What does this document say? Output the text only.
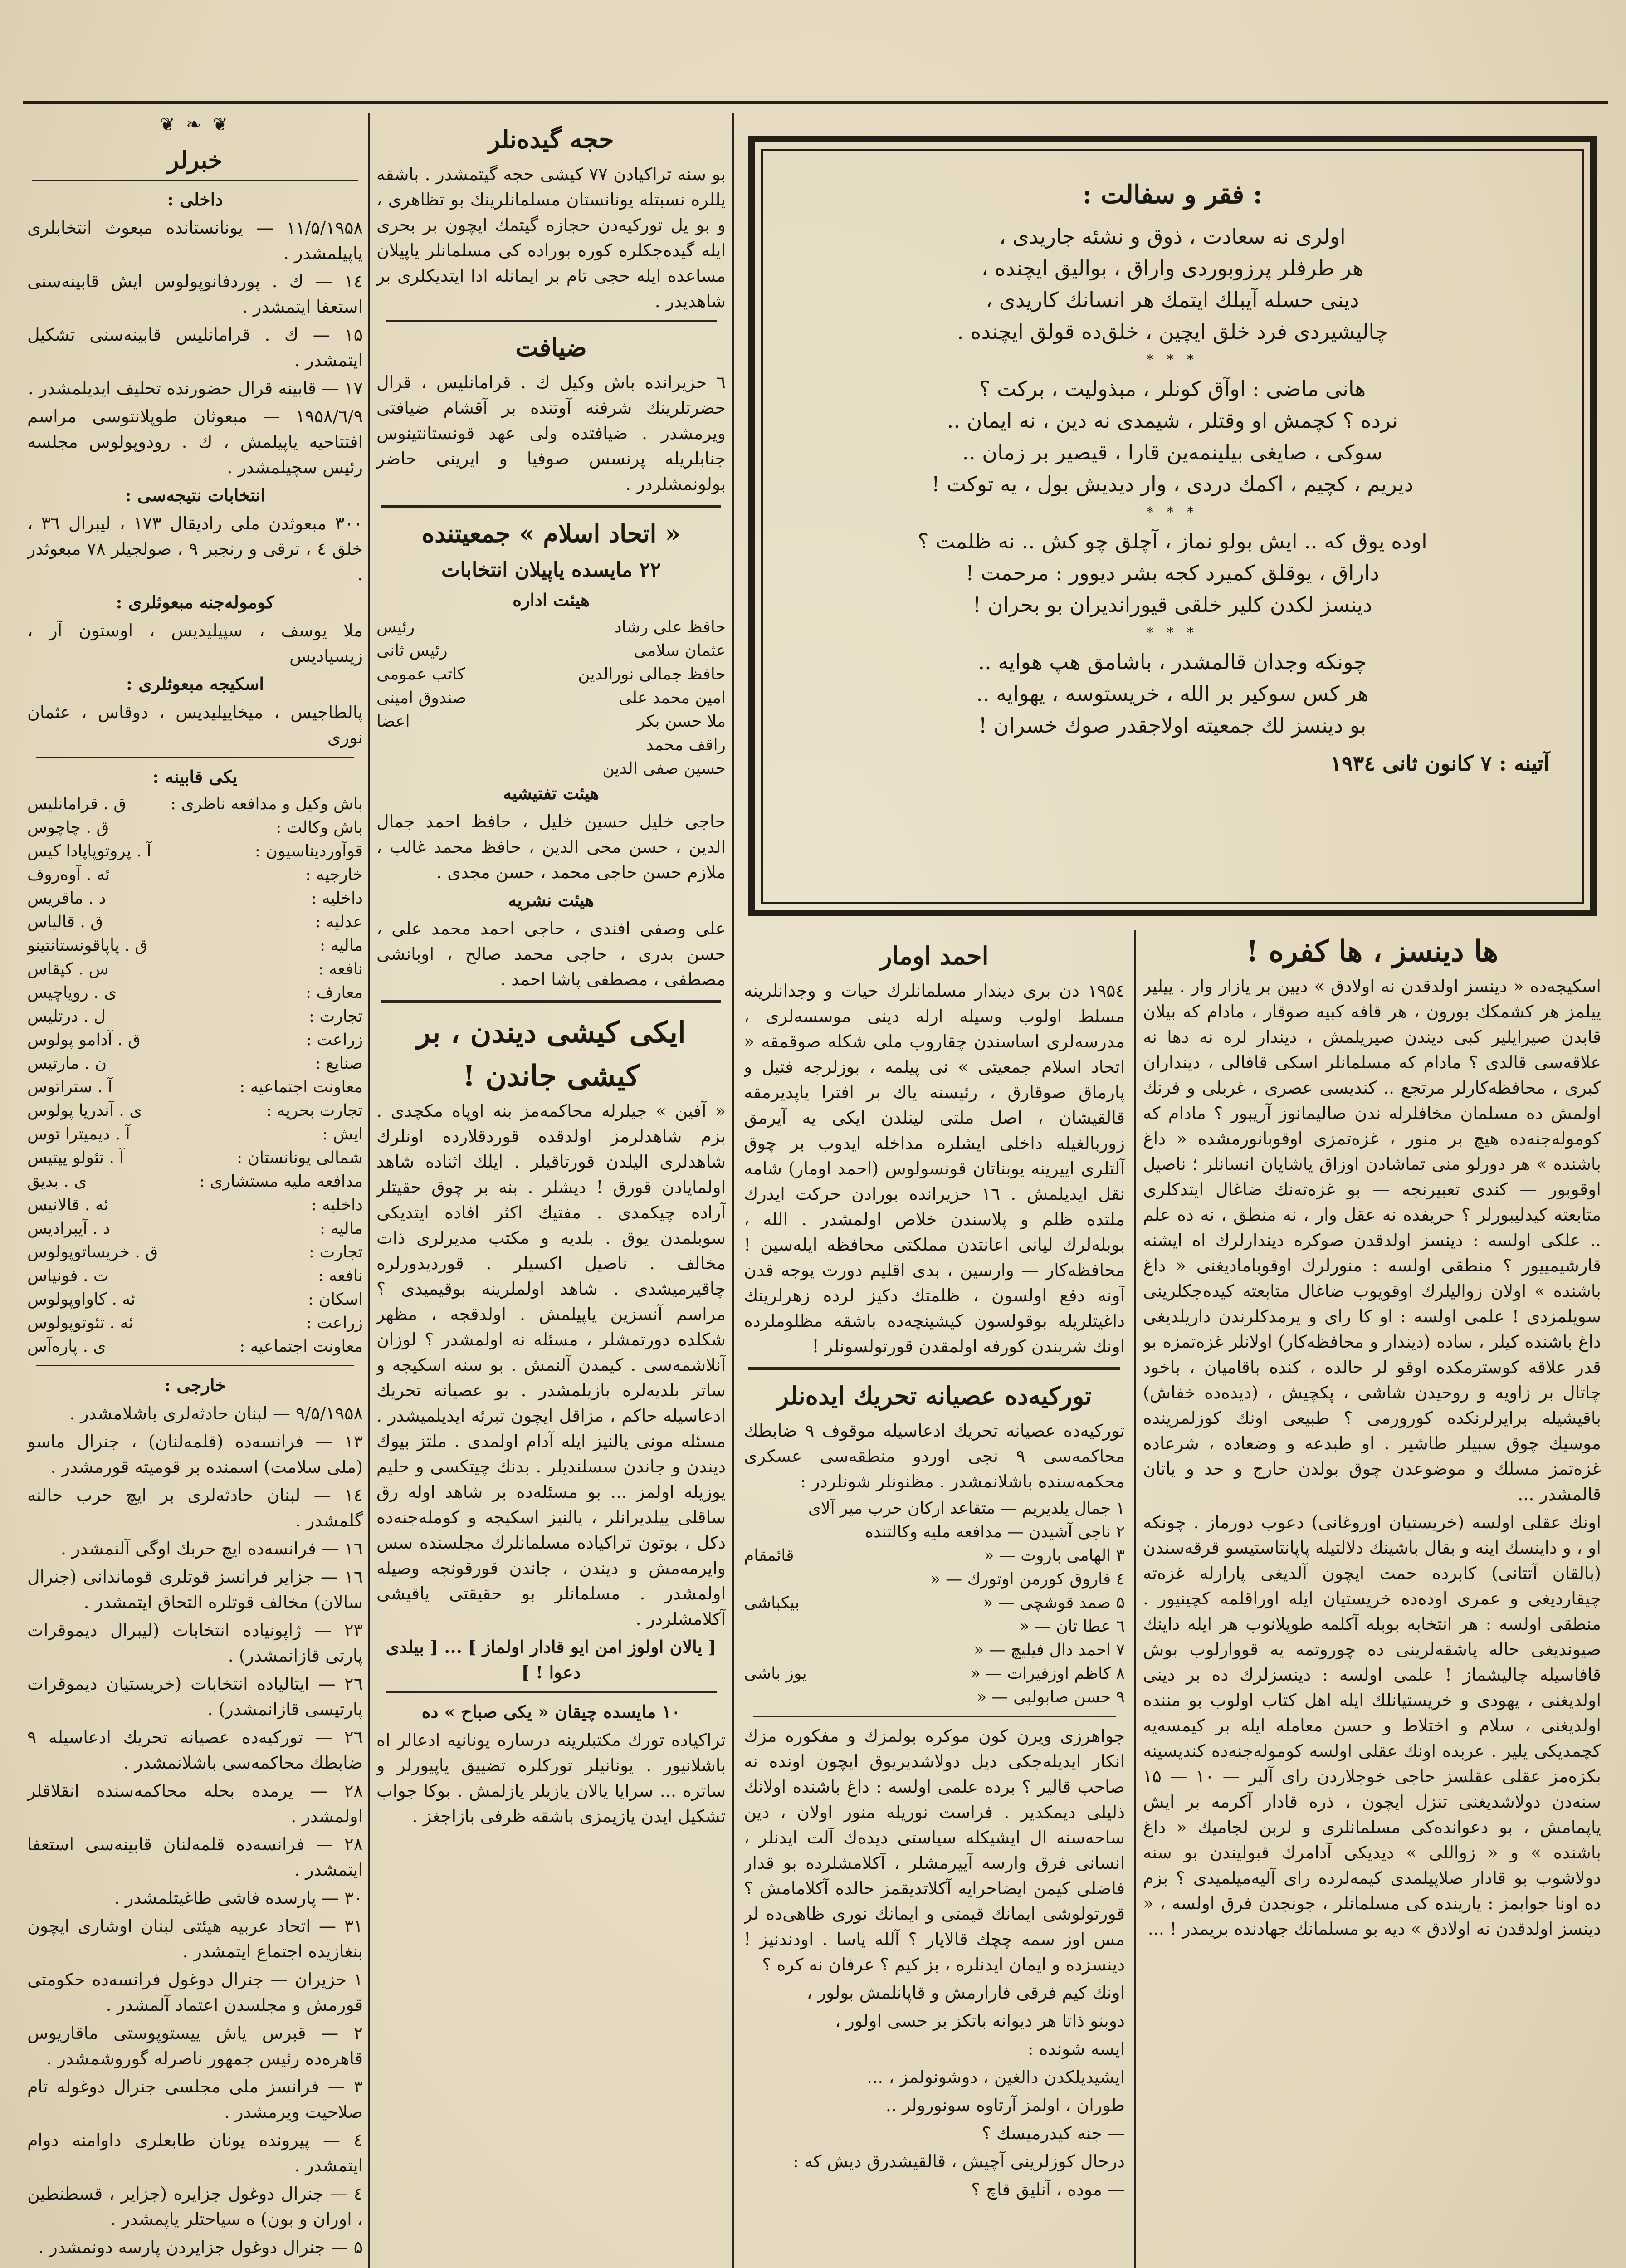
❦ ❧ ❦
خبرلر

داخلی :

۱۱/۵/۱۹۵۸ — یونانستانده مبعوث انتخابلری یاپیلمشدر .

۱٤ — ك . پوردفانوپولوس ایش قابینه‌سنی استعفا ایتمشدر .

۱۵ — ك . قرامانلیس قابینه‌سنی تشکیل ایتمشدر .

۱۷ — قابینه قرال حضورنده تحلیف ایدیلمشدر .

۹/٦/۱۹۵۸ — مبعوثان طوپلانتوسی مراسم افتتاحیه یاپیلمش ، ك . رودوپولوس مجلسه رئیس سچیلمشدر .

انتخابات نتیجه‌سی :

۳۰۰ مبعوثدن ملی رادیقال ۱۷۳ ، لیبرال ۳٦ ، خلق ٤ ، ترقی و رنجبر ۹ ، صولجیلر ۷۸ مبعوثدر .

کوموله‌جنه مبعوثلری :

ملا یوسف ، سپیلیدیس ، اوستون آر ، زیسیادیس

اسکیجه مبعوثلری :

پالطاجیس ، میخاییلیدیس ، دوقاس ، عثمان نوری

یکی قابینه :

باش وکیل و مدافعه ناظری :
ق . قرامانلیس
باش وکالت :
ق . چاچوس
قوآوردیناسیون :
آ . پروتوپاپادا کیس
خارجیه :
ئه . آوه‌روف
داخلیه :
د . ماقریس
عدلیه :
ق . قالیاس
مالیه :
ق . پاپاقونستانتینو
نافعه :
س . کپقاس
معارف :
ی . رویاچیس
تجارت :
ل . درتلیس
زراعت :
ق . آدامو پولوس
صنایع :
ن . مارتیس
معاونت اجتماعیه :
آ . ستراتوس
تجارت بحریه :
ی . آندریا پولوس
ایش :
آ . دیمیترا توس
شمالی یونانستان :
آ . تئولو ییتیس
مدافعه ملیه مستشاری :
ی . بدیق
داخلیه :
ئه . قالانیس
مالیه :
د . آیبرادیس
تجارت :
ق . خریساتوپولوس
نافعه :
ت . فونیاس
اسکان :
ئه . کاواوپولوس
زراعت :
ئه . تئوتوپولوس
معاونت اجتماعیه :
ی . پاره‌آس

خارجی :

۹/۵/۱۹۵۸ — لبنان حادثه‌لری باشلامشدر .

۱۳ — فرانسه‌ده (قلمه‌لنان) ، جنرال ماسو (ملی سلامت) اسمنده بر قومیته قورمشدر .

۱٤ — لبنان حادثه‌لری بر ایچ حرب حالنه گلمشدر .

۱٦ — فرانسه‌ده ایچ حربك اوگی آلنمشدر .

۱٦ — جزایر فرانسز قوتلری قوماندانی (جنرال سالان) مخالف قوتلره التحاق ایتمشدر .

۲۳ — ژاپونیاده انتخابات (لیبرال دیموقرات پارتی قازانمشدر) .

۲٦ — ایتالیاده انتخابات (خریستیان دیموقرات پارتیسی قازانمشدر) .

۲٦ — تورکیه‌ده عصیانه تحریك ادعاسیله ۹ ضابطك محاکمه‌سی باشلانمشدر .

۲۸ — یرمده بحله محاکمه‌سنده انقلاقلر اولمشدر .

۲۸ — فرانسه‌ده قلمه‌لنان قابینه‌سی استعفا ایتمشدر .

۳۰ — پارسده فاشی طاغیتلمشدر .

۳۱ — اتحاد عربیه هیئتی لبنان اوشاری ایچون بنغازیده اجتماع ایتمشدر .

۱ حزیران — جنرال دوغول فرانسه‌ده حکومتی قورمش و مجلسدن اعتماد آلمشدر .

۲ — قبرس یاش ییستوپوستی ماقاریوس قاهره‌ده رئیس جمهور ناصرله گوروشمشدر .

۳ — فرانسز ملی مجلسی جنرال دوغوله تام صلاحیت ویرمشدر .

٤ — پیرونده یونان طابعلری داوامنه دوام ایتمشدر .

٤ — جنرال دوغول جزایره (جزایر ، قسطنطین ، اوران و بون) ه سیاحتلر یاپمشدر .

۵ — جنرال دوغول جزایردن پارسه دونمشدر .

حجه گیده‌نلر

بو سنه تراکیادن ۷۷ کیشی حجه گیتمشدر . باشقه یللره نسبتله یونانستان مسلمانلرینك بو تظاهری ، و بو یل تورکیه‌دن حجازه گیتمك ایچون بر بحری ایله گیده‌جکلره کوره بوراده کی مسلمانلر یاپیلان مساعده ایله حجی تام بر ایمانله ادا ایتدیکلری بر شاهدیدر .

ضیافت

٦ حزیرانده باش وکیل ك . قرامانلیس ، قرال حضرتلرینك شرفنه آوتنده بر آقشام ضیافتی ویرمشدر . ضیافتده ولی عهد قونستانتینوس جنابلریله پرنسس صوفیا و ایرینی حاضر بولونمشلردر .

« اتحاد اسلام » جمعیتنده
۲۲ مایسده یاپیلان انتخابات

هیئت اداره

حافظ علی رشاد
رئیس
عثمان سلامی
رئیس ثانی
حافظ جمالی نورالدین
کاتب عمومی
امین محمد علی
صندوق امینی
ملا حسن بکر
اعضا
راقف محمد
حسین صفی الدین

هیئت تفتیشیه

حاجی خلیل حسین خلیل ، حافظ احمد جمال الدین ، حسن محی الدین ، حافظ محمد غالب ، ملازم حسن حاجی محمد ، حسن مجدی .

هیئت نشریه

علی وصفی افندی ، حاجی احمد محمد علی ، حسن بدری ، حاجی محمد صالح ، اوبانشی مصطفی ، مصطفی پاشا احمد .

ایکی کیشی دیندن ، بر کیشی جاندن !

« آفین » جیلرله محاکمه‌مز بنه اوپاه مکچدی . بزم شاهدلرمز اولدقده قوردقلارده اونلرك شاهدلری الیلدن قورتاقیلر . ایلك اثناده شاهد اولمایادن قورق ! دیشلر . بنه بر چوق حقیتلر آراده چیکمدی . مفتیك اکثر افاده ایتدیکی سوبلمدن یوق . بلدیه و مکتب مدیرلری ذات مخالف . ناصیل اکسیلر . قوردیدورلره چاقیرمیشدی . شاهد اولملرینه بوقیمیدی ؟ مراسم آنسزین یاپیلمش . اولدقجه ، مظهر شکلده دورتمشلر ، مسئله نه اولمشدر ؟ لوزان آنلاشمه‌سی . کیمدن آلنمش . بو سنه اسکیجه و ساتر بلدیه‌لره بازیلمشدر . بو عصیانه تحریك ادعاسیله حاکم ، مزاقل ایچون تبرئه ایدیلمیشدر . مسئله مونی یالنیز ایله آدام اولمدی . ملتز بیوك دیندن و جاندن سسلندیلر . بدنك چیتکسی و حلیم یوزیله اولمز ... بو مسئله‌ده بر شاهد اوله رق ساقلی ییلدیرانلر ، یالنیز اسکیجه و کومله‌جنه‌ده دکل ، بوتون تراکیاده مسلمانلرك مجلسنده سس وایرمه‌مش و دیندن ، جاندن قورقونجه وصیله اولمشدر . مسلمانلر بو حقیقتی یاقیشی آکلامشلردر .

[ یالان اولوز امن ایو قادار اولماز ] ... [ بیلدی دعوا ! ]

۱۰ مایسده چیقان « یکی صباح » ده

تراکیاده تورك مکتبلرینه درساره یونانیه ادعالر اه باشلانیور . یونانیلر تورکلره تضییق یاپیورلر و ساتره ... سرایا یالان یازیلر یازلمش . بوکا جواب تشکیل ایدن یازیمزی باشقه ظرفی بازاجغز .

: فقر و سفالت :
اولری نه سعادت ، ذوق و نشئه جاریدی ،
هر طرفلر پرزوبوردی واراق ، بوالیق ایچنده ،
دینی حسله آیبلك ایتمك هر انسانك کاریدی ،
چالیشیردی فرد خلق ایچین ، خلق‌ده قولق ایچنده .
* * *
هانی ماضی : اوآق کونلر ، مبذولیت ، برکت ؟
نرده ؟ کچمش او وقتلر ، شیمدی نه دین ، نه ایمان ..
سوکی ، صایغی بیلینمه‌ین قارا ، قیصیر بر زمان ..
دیریم ، کچیم ، اکمك دردی ، وار دیدیش بول ، یه توکت !
* * *
اوده یوق که .. ایش بولو نماز ، آچلق چو کش .. نه ظلمت ؟
داراق ، یوقلق کمیرد کجه بشر دیوور : مرحمت !
دینسز لکدن کلیر خلقی قیوراندیران بو بحران !
* * *
چونکه وجدان قالمشدر ، باشامق هپ هوایه ..
هر کس سوکیر بر الله ، خریستوسه ، یهوایه ..
بو دینسز لك جمعیته اولاجقدر صوك خسران !
آتینه : ۷ کانون ثانی ۱۹۳٤
احمد اومار

۱۹۵٤ دن بری دیندار مسلمانلرك حیات و وجدانلرینه مسلط اولوب وسیله ارله دینی موسسه‌لری ، مدرسه‌لری اساسندن چقاروب ملی شکله صوقمقه « اتحاد اسلام جمعیتی » نی پیلمه ، بوزلرجه فتیل و پارماق صوقارق ، رئیسنه یاك بر افترا یاپدیرمقه قالقیشان ، اصل ملتی لینلدن ایکی یه آیرمق زوربالغیله داخلی ایشلره مداخله ایدوب بر چوق آلتلری اییرینه یوبناتان قونسولوس (احمد اومار) شامه نقل ایدیلمش . ۱٦ حزیرانده بورادن حرکت ایدرك ملتده ظلم و پلاسندن خلاص اولمشدر . الله ، بوبله‌لرك لیانی اعانتدن مملکتی محافظه ایله‌سین ! محافظه‌کار — وارسین ، بدی اقلیم دورت یوجه قدن آونه دفع اولسون ، ظلمتك دکیز لرده زهرلرینك داغیتلریله بوقولسون کیشینچه‌ده باشقه مظلوملرده اونك شریندن کورفه اولمقدن قورتولسونلر !

تورکیه‌ده عصیانه تحریك ایده‌نلر

تورکیه‌ده عصیانه تحریك ادعاسیله موقوف ۹ ضابطك محاکمه‌سی ۹ نجی اوردو منطقه‌سی عسکری محکمه‌سنده باشلانمشدر . مظنونلر شونلردر :

۱ جمال یلدیریم — متقاعد ارکان حرب میر آلای
۲ ناجی آشیدن — مدافعه ملیه وکالتنده
۳ الهامی باروت — «
قائمقام
٤ فاروق کورمن اوتورك — «
۵ صمد قوشچی — «
بیکباشی
٦ عطا تان — «
۷ احمد دال فیلیچ — «
۸ کاظم اوزفیرات — «
یوز باشی
۹ حسن صابولبی — «

جواهرزی ویرن کون موکره بولمزك و مفکوره مزك انکار ایدیله‌جکی دیل دولاشدیریوق ایچون اونده نه صاحب قالیر ؟ برده علمی اولسه : داغ باشنده اولانك ذلیلی دیمکدیر . فراست نوریله منور اولان ، دین ساحه‌سنه ال ایشیکله سیاستی دیده‌ك آلت ایدنلر ، انسانی فرق وارسه آییرمشلر ، آکلامشلرده بو قدار فاضلی کیمن ایضاحرایه آکلاتدیقمز حالده آکلامامش ؟ قورتولوشی ایمانك قیمتی و ایمانك نوری ظاهی‌ده لر مس اوز سمه چچك قالایار ؟ آلله یاسا . اودندنیز ! دینسزده و ایمان ایدنلره ، بز کیم ؟ عرفان نه کره ؟

اونك کیم فرقی فارارمش و قاپانلمش بولور ،

دوبنو ذاتا هر دیوانه باتکز بر حسی اولور ،

ایسه شونده :

ایشیدیلکدن دالغین ، دوشونولمز ، ...

طوران ، اولمز آرتاوه سونورولر ..

— جنه کیدرمیسك ؟

درحال کوزلرینی آچیش ، قالقیشدرق دیش که :

— موده ، آنلیق قاچ ؟

ها دینسز ، ها کفره !

اسکیجه‌ده « دینسز اولدقدن نه اولادق » دیین بر یازار وار . ییلیر ییلمز هر کشمکك بورون ، هر قافه کبیه صوقار ، مادام که بیلان قابدن صیرایلیر کبی دیندن صیریلمش ، دیندار لره نه دها نه علاقه‌سی قالدی ؟ مادام که مسلمانلر اسکی قافالی ، دینداران کبری ، محافظه‌کارلر مرتجع .. کندیسی عصری ، غربلی و فرنك اولمش ده مسلمان مخافلرله ندن صالیمانوز آریبور ؟ مادام که کوموله‌جنه‌ده هیچ بر منور ، غزه‌تمزی اوقوبانورمشده « داغ باشنده » هر دورلو منی تماشادن اوزاق یاشایان انسانلر ؛ ناصیل اوقوبور — کندی تعبیرنجه — بو غزه‌ته‌نك ضاغال ایتدکلری متابعته کیدلیبورلر ؟ حریفده نه عقل وار ، نه منطق ، نه ده علم .. علکی اولسه : دینسز اولدقدن صوکره دیندارلرك اه ایشنه قارشیمییور ؟ منطقی اولسه : منورلرك اوقوبامادیغنی « داغ باشنده » اولان زوالیلرك اوقویوب ضاغال متابعته کیده‌جکلرینی سویلمزدی ! علمی اولسه : او کا رای و یرمدکلرندن داریلدیغی داغ باشنده کیلر ، ساده (دیندار و محافظه‌کار) اولانلر غزه‌تمزه بو قدر علاقه کوسترمکده اوقو لر حالده ، کنده باقامیان ، باخود چاتال بر زاویه و روحیدن شاشی ، پکچیش ، (دیده‌ده خفاش) باقیشیله برایرلرنکده کورورمی ؟ طبیعی اونك کوزلمرینده موسیك چوق سبیلر طاشیر . او طبدعه و وضعاده ، شرعاده غزه‌تمز مسلك و موضوعدن چوق بولدن حارج و حد و یاتان قالمشدر ...

اونك عقلی اولسه (خریستیان اوروغانی) دعوب دورماز . چونکه او ، و داینسك اینه و بقال باشینك دلالتیله پاپانتاستیسو قرقه‌سندن (بالقان آتتانی) کابرده حمت ایچون آلدیغی پارارله غزه‌ته چیقاردیغی و عمری اوده‌ده خریستیان ایله اوراقلمه کچینیور . منطقی اولسه : هر انتخابه بوبله آکلمه طوپلانوب هر ایله داینك صیوندیغی حاله پاشقه‌لرینی ده چوروتمه یه قووارلوب بوش قافاسیله چالیشماز ! علمی اولسه : دینسزلرك ده بر دینی اولدیغنی ، یهودی و خریستیانلك ایله اهل کتاب اولوب بو مننده اولدیغنی ، سلام و اختلاط و حسن معامله ایله بر کیمسه‌یه کچمدیکی یلیر . عربده اونك عقلی اولسه کوموله‌جنه‌ده کندیسینه بکزه‌مز عقلی عقلسز حاجی خوجلاردن رای آلیر — ۱۰ — ۱۵ سنه‌دن دولاشدیغنی تنزل ایچون ، ذره قادار آکرمه بر ایش یاپمامش ، بو دعوانده‌كی مسلمانلری و لربن لجامیك « داغ باشنده » و « زواللی » دیدیکی آدامرك قبولیندن بو سنه دولاشوب بو قادار صلاپیلمدی کیمه‌لرده رای آلیه‌میلمیدی ؟ بزم ده اونا جوابمز : یارینده کی مسلمانلر ، جونجدن فرق اولسه ، « دینسز اولدقدن نه اولادق » دیه بو مسلمانك جهادنده بریمدر ! ...
